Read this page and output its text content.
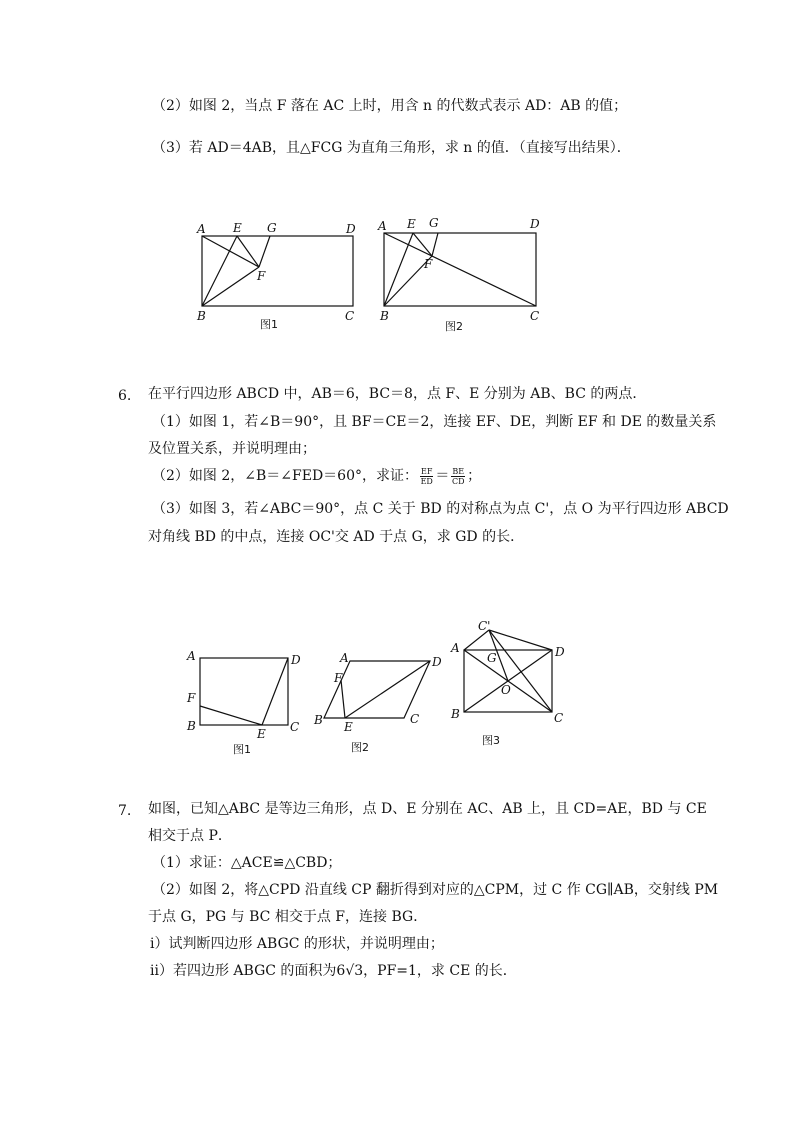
（2）如图 2，当点 F 落在 AC 上时，用含 n 的代数式表示 AD：AB 的值；
（3）若 AD＝4AB，且△FCG 为直角三角形，求 n 的值．（直接写出结果）．
A E G	D
F
B	C
图1
A E G	D
F
B	C
图2
A	D
F
B
E C
图1
A	D
F
B E
C
图2
C'
A
G	D
O
B	C
图3
6. 在平行四边形 ABCD 中，AB＝6，BC＝8，点 F、E 分别为 AB、BC 的两点．
（1）如图 1，若∠B＝90°，且 BF＝CE＝2，连接 EF、DE，判断 EF 和 DE 的数量关系
及位置关系，并说明理由；
（2）如图 2，∠B＝∠FED＝60°，求证： $\frac{EF}{ED} = \frac{BE}{CD}$ ；
（3）如图 3，若∠ABC＝90°，点 C 关于 BD 的对称点为点 C'，点 O 为平行四边形 ABCD
对角线 BD 的中点，连接 OC'交 AD 于点 G，求 GD 的长．
7. 如图，已知△ABC 是等边三角形，点 D、E 分别在 AC、AB 上，且 CD=AE，BD 与 CE
相交于点 P．
（1）求证：△ACE≌△CBD；
（2）如图 2，将△CPD 沿直线 CP 翻折得到对应的△CPM，过 C 作 CG∥AB，交射线 PM
于点 G，PG 与 BC 相交于点 F，连接 BG．
ⅰ）试判断四边形 ABGC 的形状，并说明理由；
ⅱ）若四边形 ABGC 的面积为6√3，PF=1，求 CE 的长．
